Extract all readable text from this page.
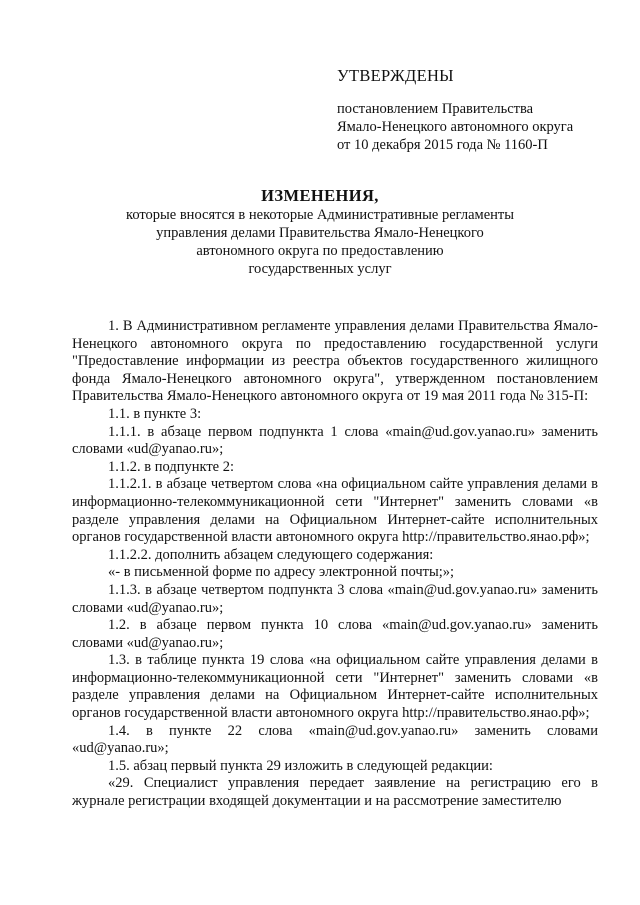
УТВЕРЖДЕНЫ
постановлением Правительства
Ямало-Ненецкого автономного округа
от 10 декабря 2015 года № 1160-П
ИЗМЕНЕНИЯ,
которые вносятся в некоторые Административные регламенты
управления делами Правительства Ямало-Ненецкого
автономного округа по предоставлению
государственных услуг

1. В Административном регламенте управления делами Правительства Ямало-Ненецкого автономного округа по предоставлению государственной услуги "Предоставление информации из реестра объектов государственного жилищного фонда Ямало-Ненецкого автономного округа", утвержденном постановлением Правительства Ямало-Ненецкого автономного округа от 19 мая 2011 года № 315-П:

1.1. в пункте 3:

1.1.1. в абзаце первом подпункта 1 слова «main@ud.gov.yanao.ru» заменить словами «ud@yanao.ru»;

1.1.2. в подпункте 2:

1.1.2.1. в абзаце четвертом слова «на официальном сайте управления делами в информационно-телекоммуникационной сети "Интернет" заменить словами «в разделе управления делами на Официальном Интернет-сайте исполнительных органов государственной власти автономного округа http://правительство.янао.рф»;

1.1.2.2. дополнить абзацем следующего содержания:

«- в письменной форме по адресу электронной почты;»;

1.1.3. в абзаце четвертом подпункта 3 слова «main@ud.gov.yanao.ru» заменить словами «ud@yanao.ru»;

1.2. в абзаце первом пункта 10 слова «main@ud.gov.yanao.ru» заменить словами «ud@yanao.ru»;

1.3. в таблице пункта 19 слова «на официальном сайте управления делами в информационно-телекоммуникационной сети "Интернет" заменить словами «в разделе управления делами на Официальном Интернет-сайте исполнительных органов государственной власти автономного округа http://правительство.янао.рф»;

1.4. в пункте 22 слова «main@ud.gov.yanao.ru» заменить словами «ud@yanao.ru»;

1.5. абзац первый пункта 29 изложить в следующей редакции:

«29. Специалист управления передает заявление на регистрацию его в журнале регистрации входящей документации и на рассмотрение заместителю
